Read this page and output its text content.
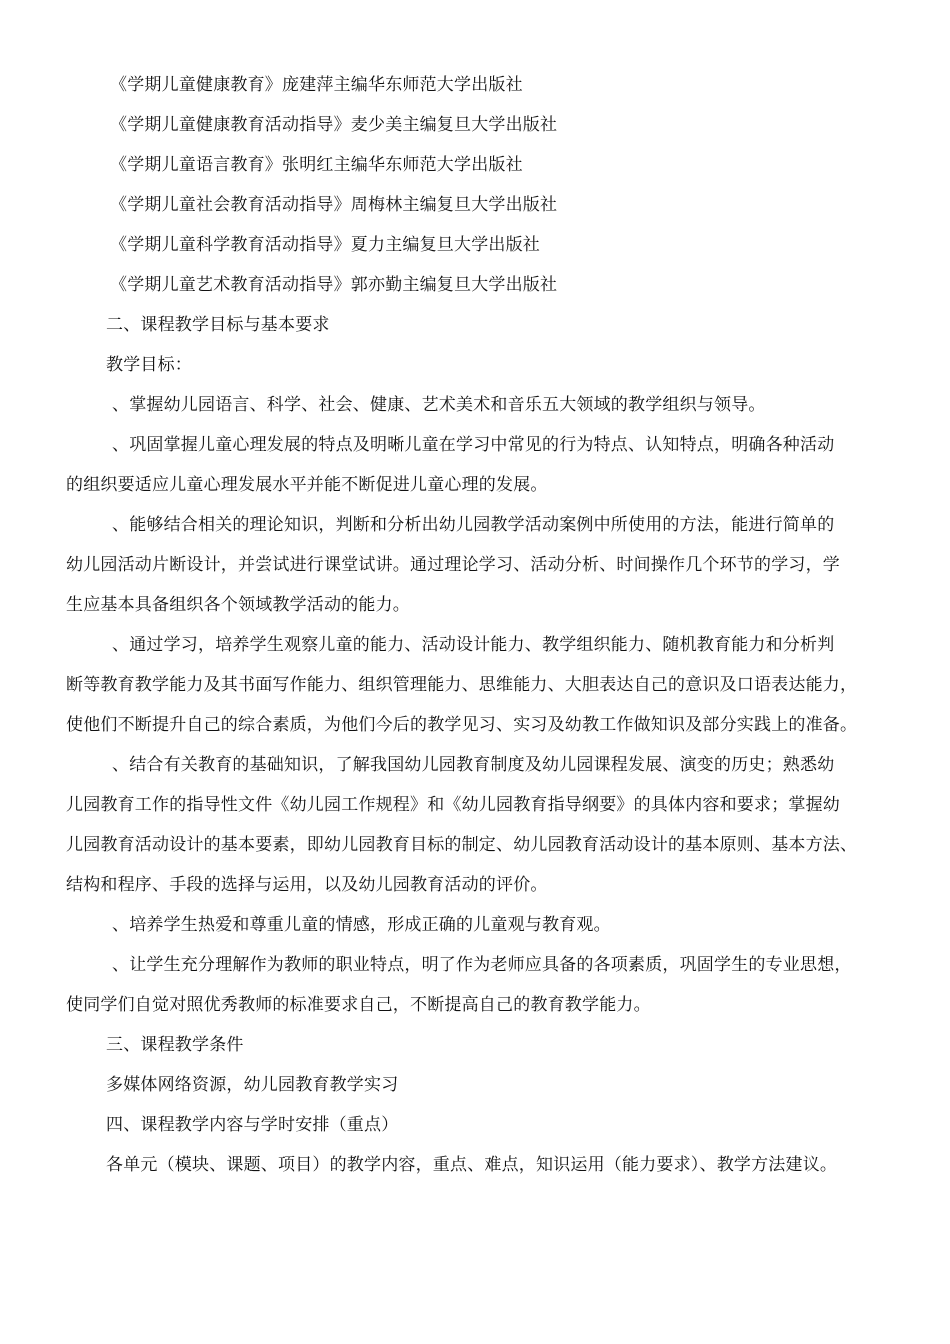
《学期儿童健康教育》庞建萍主编华东师范大学出版社

《学期儿童健康教育活动指导》麦少美主编复旦大学出版社

《学期儿童语言教育》张明红主编华东师范大学出版社

《学期儿童社会教育活动指导》周梅林主编复旦大学出版社

《学期儿童科学教育活动指导》夏力主编复旦大学出版社

《学期儿童艺术教育活动指导》郭亦勤主编复旦大学出版社

二、课程教学目标与基本要求

教学目标：

、掌握幼儿园语言、科学、社会、健康、艺术美术和音乐五大领域的教学组织与领导。

、巩固掌握儿童心理发展的特点及明晰儿童在学习中常见的行为特点、认知特点，明确各种活动

的组织要适应儿童心理发展水平并能不断促进儿童心理的发展。

、能够结合相关的理论知识，判断和分析出幼儿园教学活动案例中所使用的方法，能进行简单的

幼儿园活动片断设计，并尝试进行课堂试讲。通过理论学习、活动分析、时间操作几个环节的学习，学

生应基本具备组织各个领域教学活动的能力。

、通过学习，培养学生观察儿童的能力、活动设计能力、教学组织能力、随机教育能力和分析判

断等教育教学能力及其书面写作能力、组织管理能力、思维能力、大胆表达自己的意识及口语表达能力，

使他们不断提升自己的综合素质，为他们今后的教学见习、实习及幼教工作做知识及部分实践上的准备。

、结合有关教育的基础知识，了解我国幼儿园教育制度及幼儿园课程发展、演变的历史；熟悉幼

儿园教育工作的指导性文件《幼儿园工作规程》和《幼儿园教育指导纲要》的具体内容和要求；掌握幼

儿园教育活动设计的基本要素，即幼儿园教育目标的制定、幼儿园教育活动设计的基本原则、基本方法、

结构和程序、手段的选择与运用，以及幼儿园教育活动的评价。

、培养学生热爱和尊重儿童的情感，形成正确的儿童观与教育观。

、让学生充分理解作为教师的职业特点，明了作为老师应具备的各项素质，巩固学生的专业思想，

使同学们自觉对照优秀教师的标准要求自己，不断提高自己的教育教学能力。

三、课程教学条件

多媒体网络资源，幼儿园教育教学实习

四、课程教学内容与学时安排（重点）

各单元（模块、课题、项目）的教学内容，重点、难点，知识运用（能力要求）、教学方法建议。
